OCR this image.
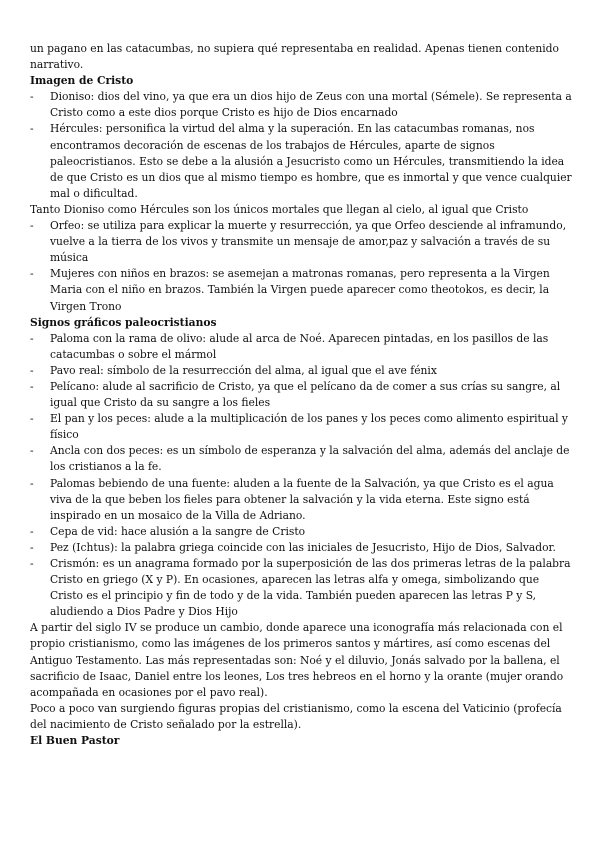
un pagano en las catacumbas, no supiera qué representaba en realidad. Apenas tienen contenido narrativo.

Imagen de Cristo
- Dioniso: dios del vino, ya que era un dios hijo de Zeus con una mortal (Sémele). Se representa a Cristo como a este dios porque Cristo es hijo de Dios encarnado
- Hércules: personifica la virtud del alma y la superación. En las catacumbas romanas, nos encontramos decoración de escenas de los trabajos de Hércules, aparte de signos paleocristianos. Esto se debe a la alusión a Jesucristo como un Hércules, transmitiendo la idea de que Cristo es un dios que al mismo tiempo es hombre, que es inmortal y que vence cualquier mal o dificultad.

Tanto Dioniso como Hércules son los únicos mortales que llegan al cielo, al igual que Cristo

- Orfeo: se utiliza para explicar la muerte y resurrección, ya que Orfeo desciende al inframundo, vuelve a la tierra de los vivos y transmite un mensaje de amor,paz y salvación a través de su música
- Mujeres con niños en brazos: se asemejan a matronas romanas, pero representa a la Virgen Maria con el niño en brazos. También la Virgen puede aparecer como theotokos, es decir, la Virgen Trono
Signos gráficos paleocristianos
- Paloma con la rama de olivo: alude al arca de Noé. Aparecen pintadas, en los pasillos de las catacumbas o sobre el mármol
- Pavo real: símbolo de la resurrección del alma, al igual que el ave fénix
- Pelícano: alude al sacrificio de Cristo, ya que el pelícano da de comer a sus crías su sangre, al igual que Cristo da su sangre a los fieles
- El pan y los peces: alude a la multiplicación de los panes y los peces como alimento espiritual y físico
- Ancla con dos peces: es un símbolo de esperanza y la salvación del alma, además del anclaje de los cristianos a la fe.
- Palomas bebiendo de una fuente: aluden a la fuente de la Salvación, ya que Cristo es el agua viva de la que beben los fieles para obtener la salvación y la vida eterna. Este signo está inspirado en un mosaico de la Villa de Adriano.
- Cepa de vid: hace alusión a la sangre de Cristo
- Pez (Ichtus): la palabra griega coincide con las iniciales de Jesucristo, Hijo de Dios, Salvador.
- Crismón: es un anagrama formado por la superposición de las dos primeras letras de la palabra Cristo en griego (X y P). En ocasiones, aparecen las letras alfa y omega, simbolizando que Cristo es el principio y fin de todo y de la vida. También pueden aparecen las letras P y S, aludiendo a Dios Padre y Dios Hijo

A partir del siglo IV se produce un cambio, donde aparece una iconografía más relacionada con el propio cristianismo, como las imágenes de los primeros santos y mártires, así como escenas del Antiguo Testamento. Las más representadas son: Noé y el diluvio, Jonás salvado por la ballena, el sacrificio de Isaac, Daniel entre los leones, Los tres hebreos en el horno y la orante (mujer orando acompañada en ocasiones por el pavo real).

Poco a poco van surgiendo figuras propias del cristianismo, como la escena del Vaticinio (profecía del nacimiento de Cristo señalado por la estrella).

El Buen Pastor
